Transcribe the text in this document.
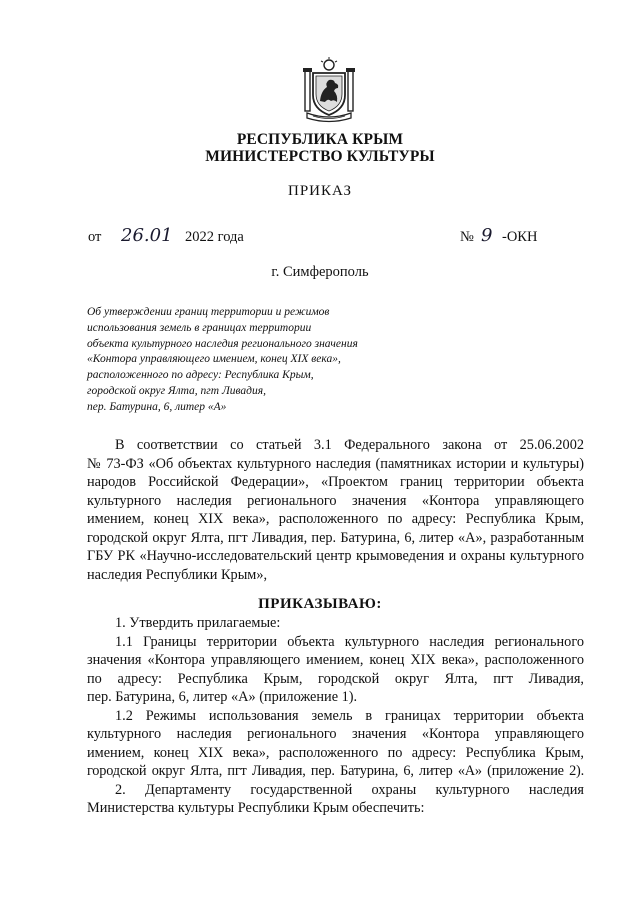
РЕСПУБЛИКА КРЫМ
МИНИСТЕРСТВО КУЛЬТУРЫ
ПРИКАЗ
от 26.01 2022 года	№ 9 -ОКН
г. Симферополь
Об утверждении границ территории и режимов
использования земель в границах территории
объекта культурного наследия регионального значения
«Контора управляющего имением, конец XIX века»,
расположенного по адресу: Республика Крым,
городской округ Ялта, пгт Ливадия,
пер. Батурина, 6, литер «А»
В соответствии со статьей 3.1 Федерального закона от 25.06.2002
№ 73-ФЗ «Об объектах культурного наследия (памятниках истории и культуры)
народов Российской Федерации», «Проектом границ территории объекта
культурного наследия регионального значения «Контора управляющего
имением, конец XIX века», расположенного по адресу: Республика Крым,
городской округ Ялта, пгт Ливадия, пер. Батурина, 6, литер «А», разработанным
ГБУ РК «Научно-исследовательский центр крымоведения и охраны культурного
наследия Республики Крым»,
ПРИКАЗЫВАЮ:
1. Утвердить прилагаемые:
1.1 Границы территории объекта культурного наследия регионального
значения «Контора управляющего имением, конец XIX века», расположенного
по адресу: Республика Крым, городской округ Ялта, пгт Ливадия,
пер. Батурина, 6, литер «А» (приложение 1).
1.2 Режимы использования земель в границах территории объекта
культурного наследия регионального значения «Контора управляющего
имением, конец XIX века», расположенного по адресу: Республика Крым,
городской округ Ялта, пгт Ливадия, пер. Батурина, 6, литер «А» (приложение 2).
2. Департаменту государственной охраны культурного наследия
Министерства культуры Республики Крым обеспечить:
